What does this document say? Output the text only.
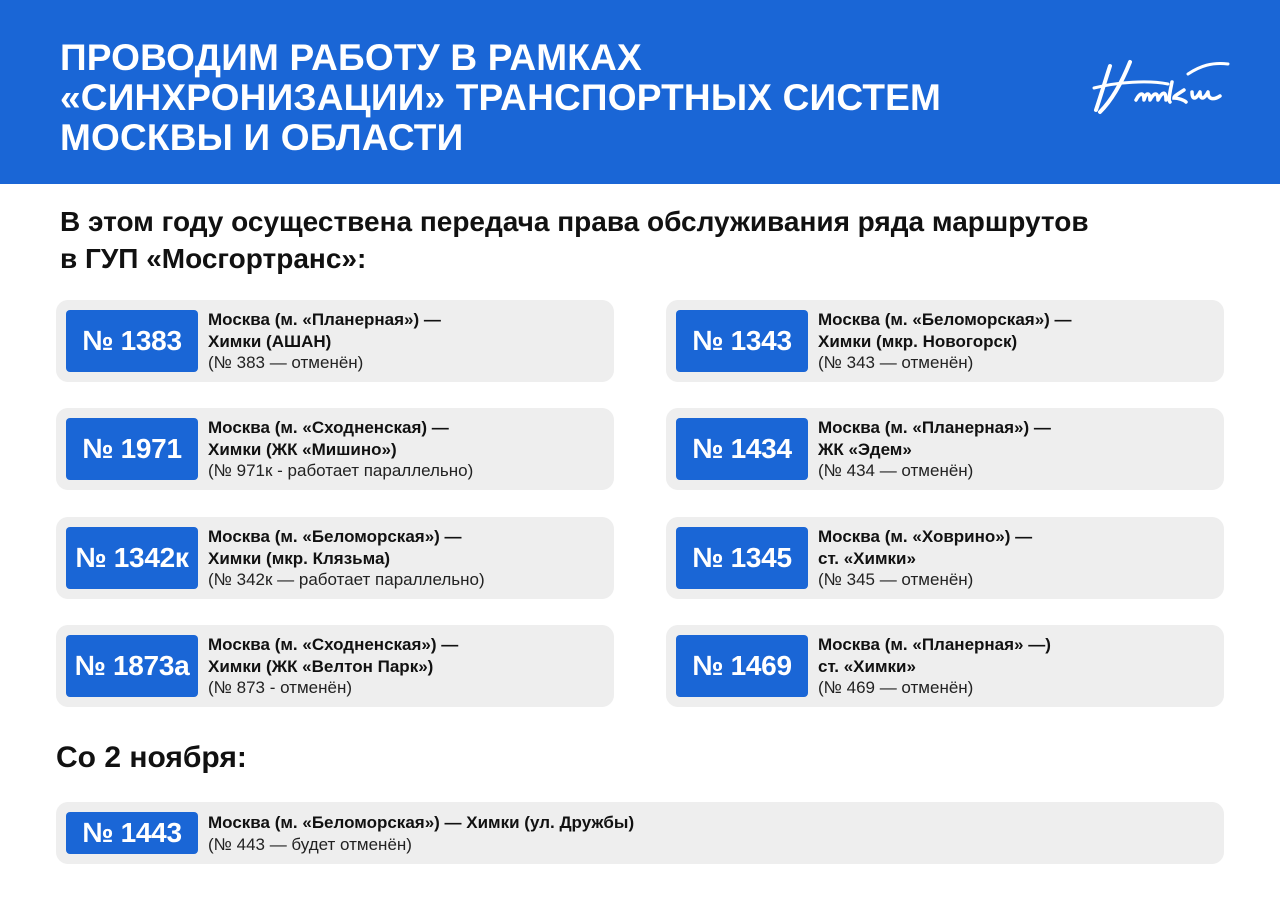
ПРОВОДИМ РАБОТУ В РАМКАХ
«СИНХРОНИЗАЦИИ» ТРАНСПОРТНЫХ СИСТЕМ
МОСКВЫ И ОБЛАСТИ
В этом году осуществена передача права обслуживания ряда маршрутов
в ГУП «Мосгортранс»:
№ 1383
Москва (м. «Планерная») —
Химки (АШАН)
(№ 383 — отменён)
№ 1343
Москва (м. «Беломорская») —
Химки (мкр. Новогорск)
(№ 343 — отменён)
№ 1971
Москва (м. «Сходненская) —
Химки (ЖК «Мишино»)
(№ 971к - работает параллельно)
№ 1434
Москва (м. «Планерная») —
ЖК «Эдем»
(№ 434 — отменён)
№ 1342к
Москва (м. «Беломорская») —
Химки (мкр. Клязьма)
(№ 342к — работает параллельно)
№ 1345
Москва (м. «Ховрино») —
ст. «Химки»
(№ 345 — отменён)
№ 1873а
Москва (м. «Сходненская») —
Химки (ЖК «Велтон Парк»)
(№ 873 - отменён)
№ 1469
Москва (м. «Планерная» —)
ст. «Химки»
(№ 469 — отменён)
Со 2 ноября:
№ 1443	Москва (м. «Беломорская») — Химки (ул. Дружбы)
(№ 443 — будет отменён)
